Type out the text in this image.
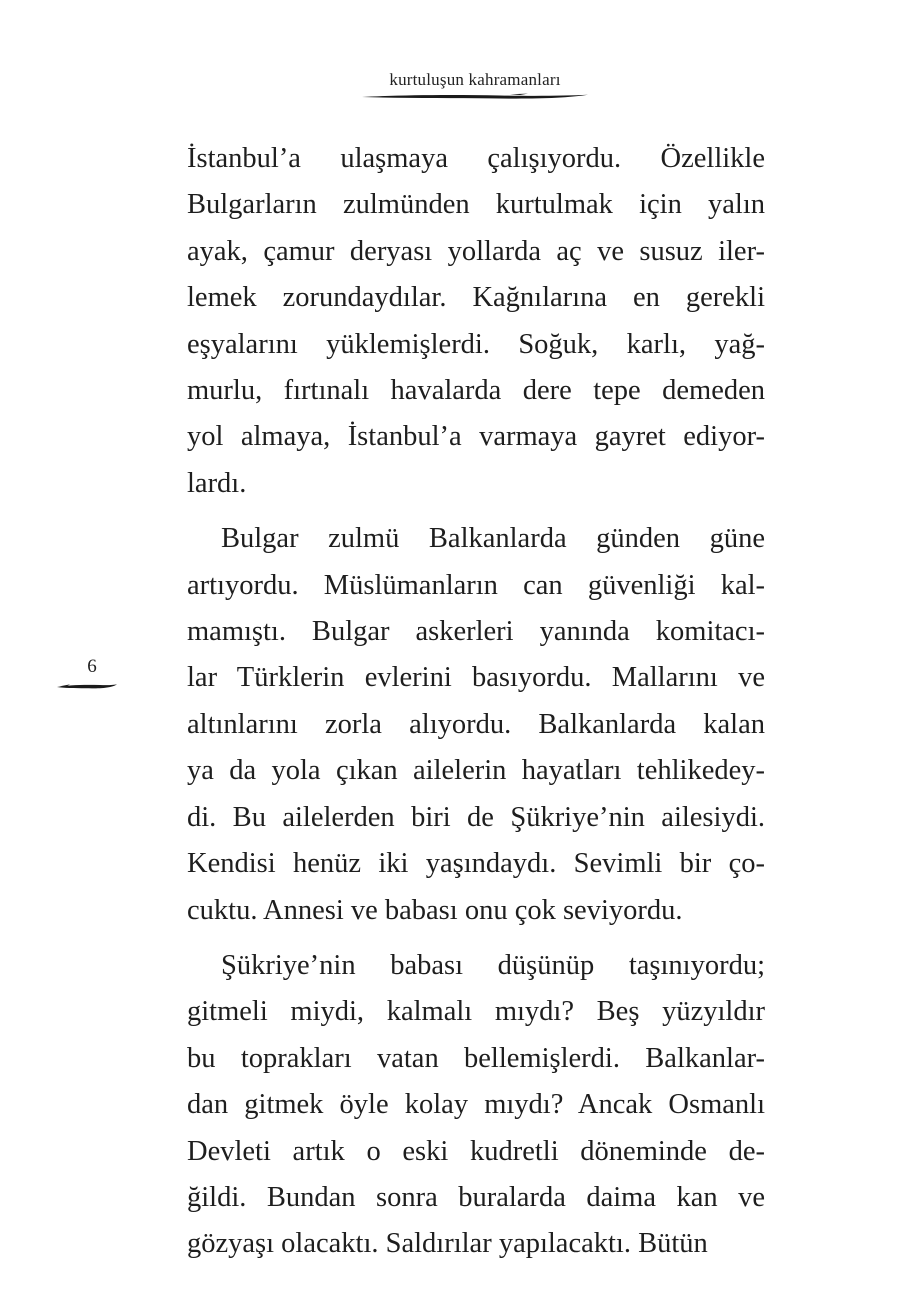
kurtuluşun kahramanları
6

İstanbul’a ulaşmaya çalışıyordu. Özellikle
Bulgarların zulmünden kurtulmak için yalın
ayak, çamur deryası yollarda aç ve susuz iler-
lemek zorundaydılar. Kağnılarına en gerekli
eşyalarını yüklemişlerdi. Soğuk, karlı, yağ-
murlu, fırtınalı havalarda dere tepe demeden
yol almaya, İstanbul’a varmaya gayret ediyor-
lardı.

Bulgar zulmü Balkanlarda günden güne
artıyordu. Müslümanların can güvenliği kal-
mamıştı. Bulgar askerleri yanında komitacı-
lar Türklerin evlerini basıyordu. Mallarını ve
altınlarını zorla alıyordu. Balkanlarda kalan
ya da yola çıkan ailelerin hayatları tehlikedey-
di. Bu ailelerden biri de Şükriye’nin ailesiydi.
Kendisi henüz iki yaşındaydı. Sevimli bir ço-
cuktu. Annesi ve babası onu çok seviyordu.

Şükriye’nin babası düşünüp taşınıyordu;
gitmeli miydi, kalmalı mıydı? Beş yüzyıldır
bu toprakları vatan bellemişlerdi. Balkanlar-
dan gitmek öyle kolay mıydı? Ancak Osmanlı
Devleti artık o eski kudretli döneminde de-
ğildi. Bundan sonra buralarda daima kan ve
gözyaşı olacaktı. Saldırılar yapılacaktı. Bütün
